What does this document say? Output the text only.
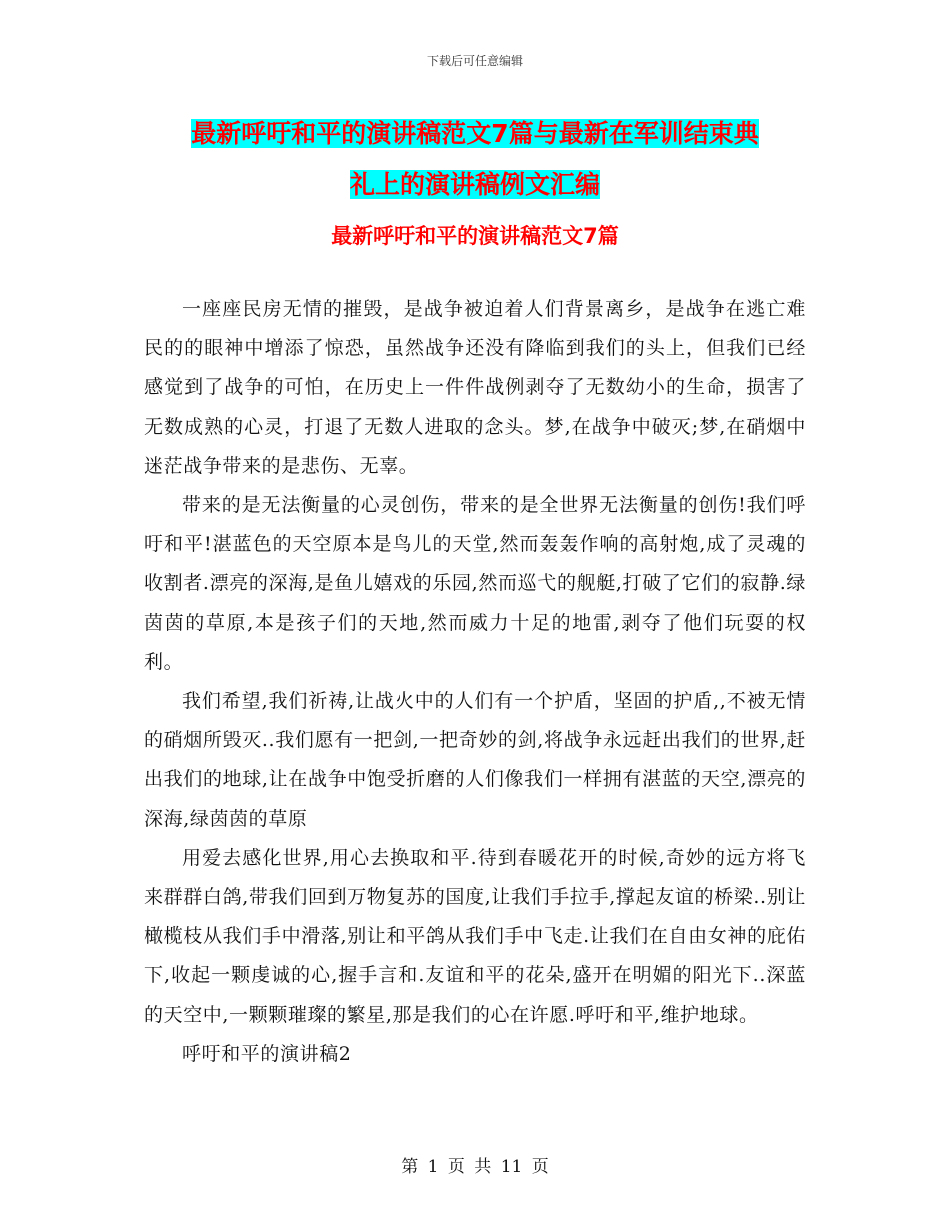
下载后可任意编辑
最新呼吁和平的演讲稿范文7篇与最新在军训结束典
礼上的演讲稿例文汇编
最新呼吁和平的演讲稿范文7篇

一座座民房无情的摧毁，是战争被迫着人们背景离乡，是战争在逃亡难民的的眼神中增添了惊恐，虽然战争还没有降临到我们的头上，但我们已经感觉到了战争的可怕，在历史上一件件战例剥夺了无数幼小的生命，损害了无数成熟的心灵，打退了无数人进取的念头。梦,在战争中破灭;梦,在硝烟中迷茫战争带来的是悲伤、无辜。

带来的是无法衡量的心灵创伤，带来的是全世界无法衡量的创伤!我们呼吁和平!湛蓝色的天空原本是鸟儿的天堂,然而轰轰作响的高射炮,成了灵魂的收割者.漂亮的深海,是鱼儿嬉戏的乐园,然而巡弋的舰艇,打破了它们的寂静.绿茵茵的草原,本是孩子们的天地,然而威力十足的地雷,剥夺了他们玩耍的权利。

我们希望,我们祈祷,让战火中的人们有一个护盾，坚固的护盾,,不被无情的硝烟所毁灭..我们愿有一把剑,一把奇妙的剑,将战争永远赶出我们的世界,赶出我们的地球,让在战争中饱受折磨的人们像我们一样拥有湛蓝的天空,漂亮的深海,绿茵茵的草原

用爱去感化世界,用心去换取和平.待到春暖花开的时候,奇妙的远方将飞来群群白鸽,带我们回到万物复苏的国度,让我们手拉手,撑起友谊的桥梁..别让橄榄枝从我们手中滑落,别让和平鸽从我们手中飞走.让我们在自由女神的庇佑下,收起一颗虔诚的心,握手言和.友谊和平的花朵,盛开在明媚的阳光下..深蓝的天空中,一颗颗璀璨的繁星,那是我们的心在许愿.呼吁和平,维护地球。

呼吁和平的演讲稿2

第 1 页 共 11 页
